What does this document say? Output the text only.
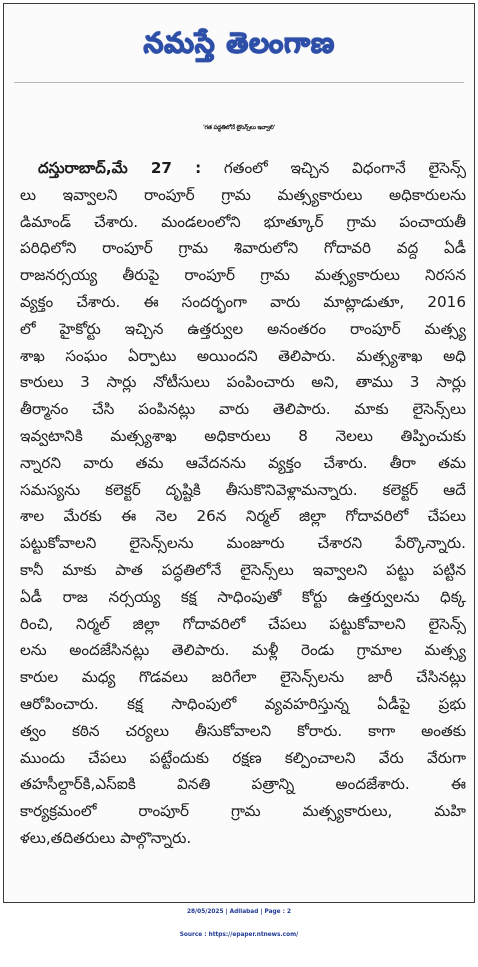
నమస్తే తెలంగాణ
'గత పద్ధతిలోనే లైసెన్స్‌లు ఇవ్వాలి'
దస్తురాబాద్,మే 27 : గతంలో ఇచ్చిన విధంగానే లైసెన్స్
లు ఇవ్వాలని రాంపూర్ గ్రామ మత్స్యకారులు అధికారులను
డిమాండ్ చేశారు. మండలంలోని భూత్కూర్ గ్రామ పంచాయతీ
పరిధిలోని రాంపూర్ గ్రామ శివారులోని గోదావరి వద్ద ఏడీ
రాజనర్సయ్య తీరుపై రాంపూర్ గ్రామ మత్స్యకారులు నిరసన
వ్యక్తం చేశారు. ఈ సందర్భంగా వారు మాట్లాడుతూ, 2016
లో హైకోర్టు ఇచ్చిన ఉత్తర్వుల అనంతరం రాంపూర్ మత్స్య
శాఖ సంఘం ఏర్పాటు అయిందని తెలిపారు. మత్స్యశాఖ అధి
కారులు 3 సార్లు నోటీసులు పంపించారు అని, తాము 3 సార్లు
తీర్మానం చేసి పంపినట్లు వారు తెలిపారు. మాకు లైసెన్స్‌లు
ఇవ్వటానికి మత్స్యశాఖ అధికారులు 8 నెలలు తిప్పించుకు
న్నారని వారు తమ ఆవేదనను వ్యక్తం చేశారు. తీరా తమ
సమస్యను కలెక్టర్ దృష్టికి తీసుకొనివెళ్లామన్నారు. కలెక్టర్ ఆదే
శాల మేరకు ఈ నెల 26న నిర్మల్ జిల్లా గోదావరిలో చేపలు
పట్టుకోవాలని లైసెన్స్‌లను మంజూరు చేశారని పేర్కొన్నారు.
కానీ మాకు పాత పద్ధతిలోనే లైసెన్స్‌లు ఇవ్వాలని పట్టు పట్టిన
ఏడీ రాజ నర్సయ్య కక్ష సాధింపుతో కోర్టు ఉత్తర్వులను ధిక్క
రించి, నిర్మల్ జిల్లా గోదావరిలో చేపలు పట్టుకోవాలని లైసెన్స్
లను అందజేసినట్లు తెలిపారు. మళ్లీ రెండు గ్రామాల మత్స్య
కారుల మధ్య గొడవలు జరిగేలా లైసెన్స్‌లను జారీ చేసినట్లు
ఆరోపించారు. కక్ష సాధింపులో వ్యవహరిస్తున్న ఏడీపై ప్రభు
త్వం కఠిన చర్యలు తీసుకోవాలని కోరారు. కాగా అంతకు
ముందు చేపలు పట్టేందుకు రక్షణ కల్పించాలని వేరు వేరుగా
తహసీల్దార్‌కి,ఎస్ఐకి వినతి పత్రాన్ని అందజేశారు. ఈ
కార్యక్రమంలో రాంపూర్ గ్రామ మత్స్యకారులు, మహి
ళలు,తదితరులు పాల్గొన్నారు.
28/05/2025 | Adilabad | Page : 2
Source : https://epaper.ntnews.com/
